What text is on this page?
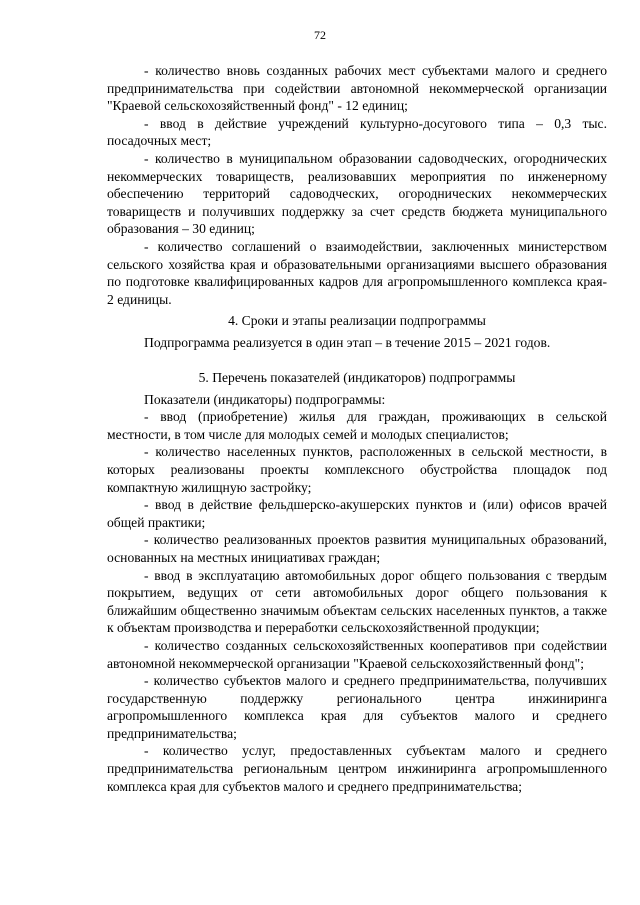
72

- количество вновь созданных рабочих мест субъектами малого и среднего предпринимательства при содействии автономной некоммерческой организации "Краевой сельскохозяйственный фонд" - 12 единиц;

- ввод в действие учреждений культурно-досугового типа – 0,3 тыс. посадочных мест;

- количество в муниципальном образовании садоводческих, огороднических некоммерческих товариществ, реализовавших мероприятия по инженерному обеспечению территорий садоводческих, огороднических некоммерческих товариществ и получивших поддержку за счет средств бюджета муниципального образования – 30 единиц;

- количество соглашений о взаимодействии, заключенных министерством сельского хозяйства края и образовательными организациями высшего образования по подготовке квалифицированных кадров для агропромышленного комплекса края- 2 единицы.

4. Сроки и этапы реализации подпрограммы

Подпрограмма реализуется в один этап – в течение 2015 – 2021 годов.

5. Перечень показателей (индикаторов) подпрограммы

Показатели (индикаторы) подпрограммы:

- ввод (приобретение) жилья для граждан, проживающих в сельской местности, в том числе для молодых семей и молодых специалистов;

- количество населенных пунктов, расположенных в сельской местности, в которых реализованы проекты комплексного обустройства площадок под компактную жилищную застройку;

- ввод в действие фельдшерско-акушерских пунктов и (или) офисов врачей общей практики;

- количество реализованных проектов развития муниципальных образований, основанных на местных инициативах граждан;

- ввод в эксплуатацию автомобильных дорог общего пользования с твердым покрытием, ведущих от сети автомобильных дорог общего пользования к ближайшим общественно значимым объектам сельских населенных пунктов, а также к объектам производства и переработки сельскохозяйственной продукции;

- количество созданных сельскохозяйственных кооперативов при содействии автономной некоммерческой организации "Краевой сельскохозяйственный фонд";

- количество субъектов малого и среднего предпринимательства, получивших государственную поддержку регионального центра инжиниринга агропромышленного комплекса края для субъектов малого и среднего предпринимательства;

- количество услуг, предоставленных субъектам малого и среднего предпринимательства региональным центром инжиниринга агропромышленного комплекса края для субъектов малого и среднего предпринимательства;
